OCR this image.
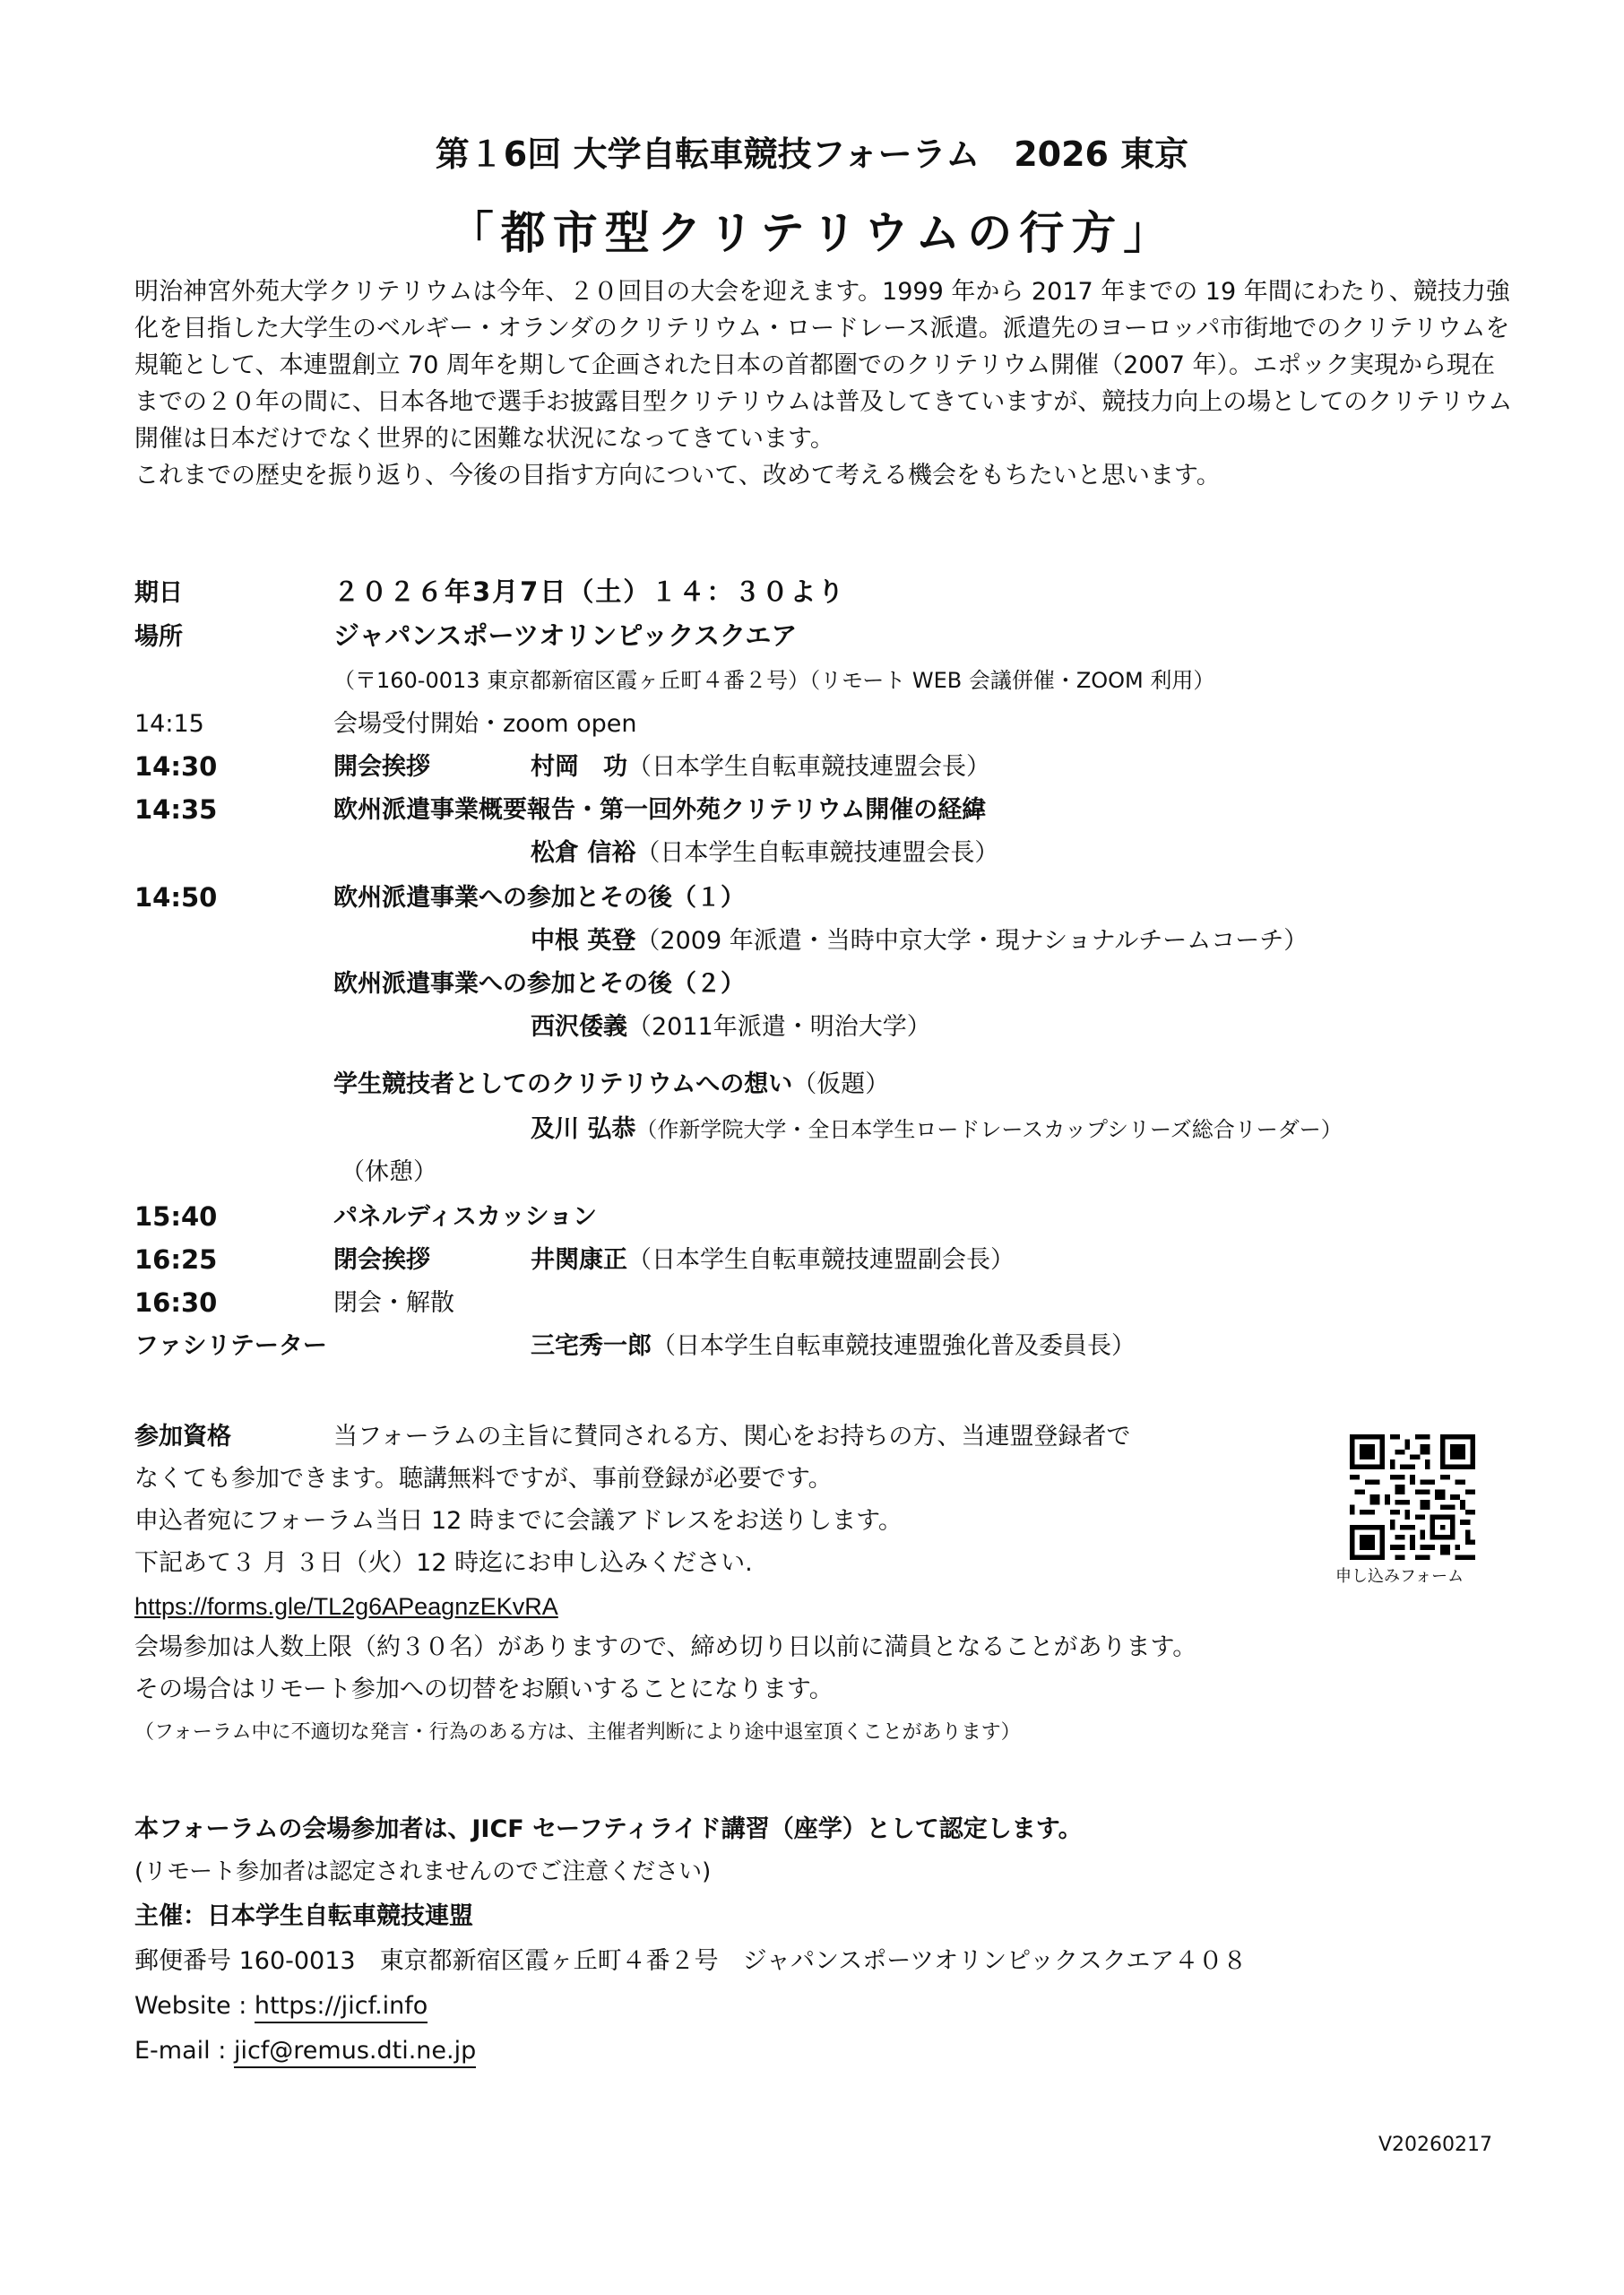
第１6回 大学自転車競技フォーラム　2026 東京
「都市型クリテリウムの行方」

明治神宮外苑大学クリテリウムは今年、２０回目の大会を迎えます。1999 年から 2017 年までの 19 年間にわたり、競技力強化を目指した大学生のベルギー・オランダのクリテリウム・ロードレース派遣。派遣先のヨーロッパ市街地でのクリテリウムを規範として、本連盟創立 70 周年を期して企画された日本の首都圏でのクリテリウム開催（2007 年）。エポック実現から現在までの２０年の間に、日本各地で選手お披露目型クリテリウムは普及してきていますが、競技力向上の場としてのクリテリウム開催は日本だけでなく世界的に困難な状況になってきています。

これまでの歴史を振り返り、今後の目指す方向について、改めて考える機会をもちたいと思います。

期日	２０２６年3月7日（土）１４：３０より
場所	ジャパンスポーツオリンピックスクエア
（〒160-0013 東京都新宿区霞ヶ丘町４番２号）（リモート WEB 会議併催・ZOOM 利用）
14:15	会場受付開始・zoom open
14:30	開会挨拶	村岡　功（日本学生自転車競技連盟会長）
14:35	欧州派遣事業概要報告・第一回外苑クリテリウム開催の経緯
松倉 信裕（日本学生自転車競技連盟会長）
14:50	欧州派遣事業への参加とその後（１）
中根 英登（2009 年派遣・当時中京大学・現ナショナルチームコーチ）
欧州派遣事業への参加とその後（２）
西沢倭義（2011年派遣・明治大学）
学生競技者としてのクリテリウムへの想い（仮題）
及川 弘恭（作新学院大学・全日本学生ロードレースカップシリーズ総合リーダー）
（休憩）
15:40	パネルディスカッション
16:25	閉会挨拶	井関康正（日本学生自転車競技連盟副会長）
16:30	閉会・解散
ファシリテーター	三宅秀一郎（日本学生自転車競技連盟強化普及委員長）
参加資格	当フォーラムの主旨に賛同される方、関心をお持ちの方、当連盟登録者で
なくても参加できます。聴講無料ですが、事前登録が必要です。
申込者宛にフォーラム当日 12 時までに会議アドレスをお送りします。
下記あて３ 月 ３日（火）12 時迄にお申し込みください.
https://forms.gle/TL2g6APeagnzEKvRA
会場参加は人数上限（約３０名）がありますので、締め切り日以前に満員となることがあります。
その場合はリモート参加への切替をお願いすることになります。
（フォーラム中に不適切な発言・行為のある方は、主催者判断により途中退室頂くことがあります）
申し込みフォーム
本フォーラムの会場参加者は、JICF セーフティライド講習（座学）として認定します。
(リモート参加者は認定されませんのでご注意ください)
主催：日本学生自転車競技連盟
郵便番号 160-0013　東京都新宿区霞ヶ丘町４番２号　ジャパンスポーツオリンピックスクエア４０８
Website : https://jicf.info
E-mail : jicf@remus.dti.ne.jp
V20260217
